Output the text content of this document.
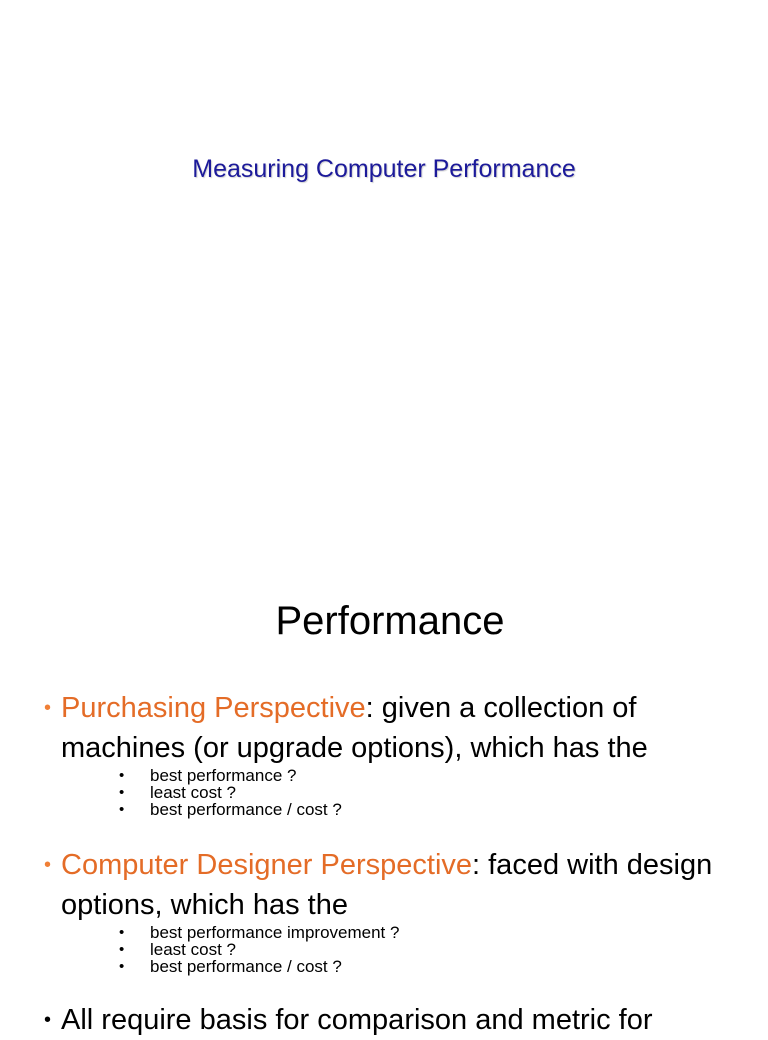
Measuring Computer Performance
Performance
• Purchasing Perspective: given a collection of machines (or upgrade options), which has the
• best performance ?
• least cost ?
• best performance / cost ?
• Computer Designer Perspective: faced with design options, which has the
• best performance improvement ?
• least cost ?
• best performance / cost ?
• All require basis for comparison and metric for
